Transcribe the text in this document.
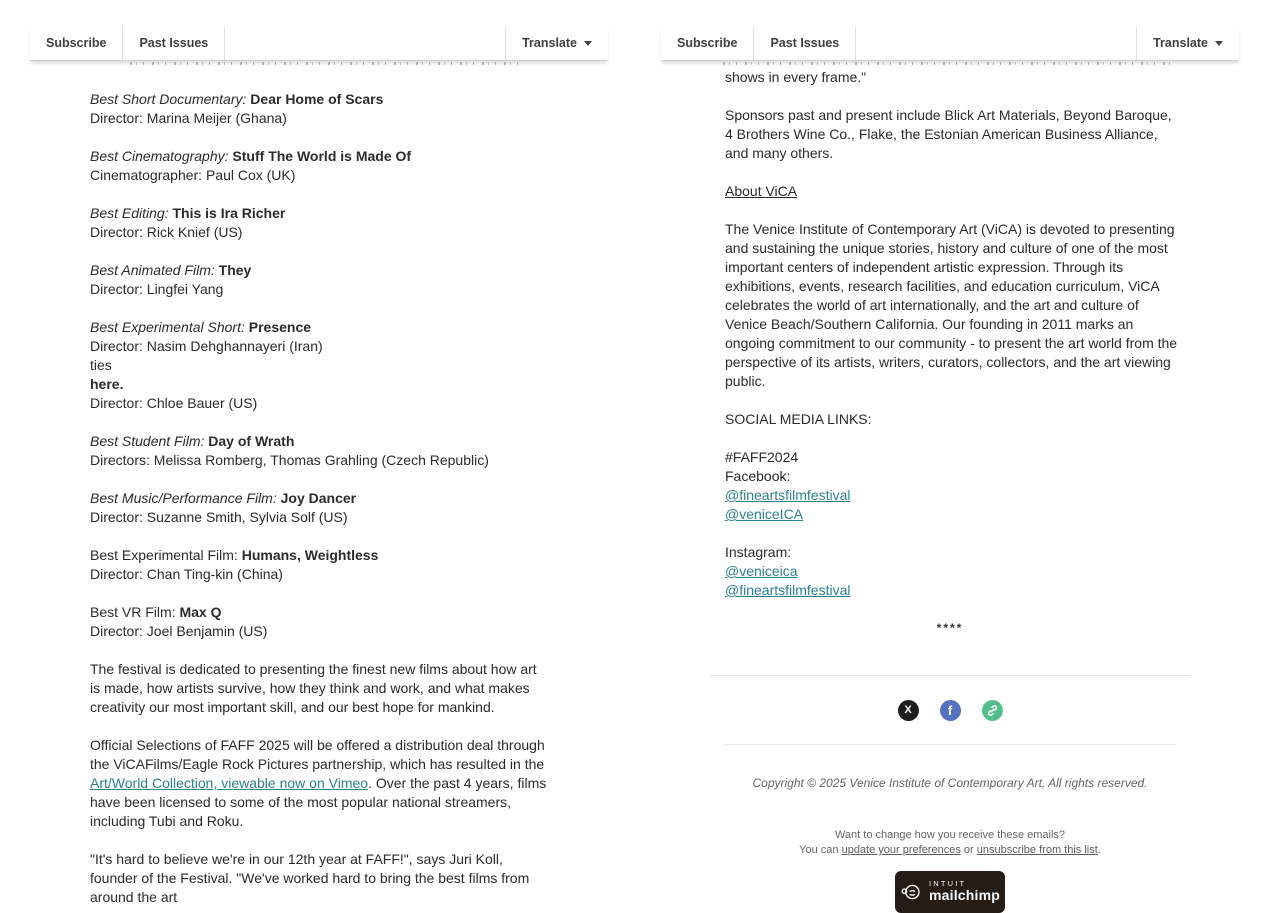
Subscribe	Past Issues	Translate
Best Short Documentary: Dear Home of Scars
Director: Marina Meijer (Ghana)
Best Cinematography: Stuff The World is Made Of
Cinematographer: Paul Cox (UK)
Best Editing: This is Ira Richer
Director: Rick Knief (US)
Best Animated Film: They
Director: Lingfei Yang
Best Experimental Short: Presence
Director: Nasim Dehghannayeri (Iran)
ties
here.
Director: Chloe Bauer (US)
Best Student Film: Day of Wrath
Directors: Melissa Romberg, Thomas Grahling (Czech Republic)
Best Music/Performance Film: Joy Dancer
Director: Suzanne Smith, Sylvia Solf (US)
Best Experimental Film: Humans, Weightless
Director: Chan Ting-kin (China)
Best VR Film: Max Q
Director: Joel Benjamin (US)

The festival is dedicated to presenting the finest new films about how art is made, how artists survive, how they think and work, and what makes creativity our most important skill, and our best hope for mankind.

Official Selections of FAFF 2025 will be offered a distribution deal through the ViCAFilms/Eagle Rock Pictures partnership, which has resulted in the Art/World Collection, viewable now on Vimeo. Over the past 4 years, films have been licensed to some of the most popular national streamers, including Tubi and Roku.

"It's hard to believe we're in our 12th year at FAFF!", says Juri Koll, founder of the Festival. "We've worked hard to bring the best films from around the art

Subscribe	Past Issues	Translate

shows in every frame."

Sponsors past and present include Blick Art Materials, Beyond Baroque, 4 Brothers Wine Co., Flake, the Estonian American Business Alliance, and many others.

About ViCA

The Venice Institute of Contemporary Art (ViCA) is devoted to presenting and sustaining the unique stories, history and culture of one of the most important centers of independent artistic expression. Through its exhibitions, events, research facilities, and education curriculum, ViCA celebrates the world of art internationally, and the art and culture of Venice Beach/Southern California. Our founding in 2011 marks an ongoing commitment to our community - to present the art world from the perspective of its artists, writers, curators, collectors, and the art viewing public.

SOCIAL MEDIA LINKS:
#FAFF2024
Facebook:
@fineartsfilmfestival
@veniceICA
Instagram:
@veniceica
@fineartsfilmfestival
****
X	f
Copyright © 2025 Venice Institute of Contemporary Art, All rights reserved.
Want to change how you receive these emails?
You can update your preferences or unsubscribe from this list.
INTUIT
mailchimp
